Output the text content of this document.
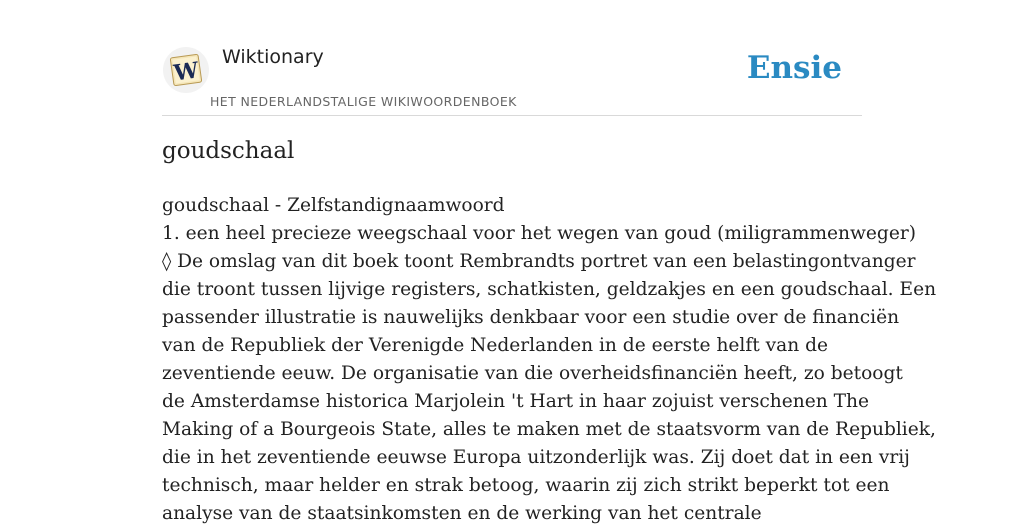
W
Wiktionary
HET NEDERLANDSTALIGE WIKIWOORDENBOEK
Ensie
goudschaal
goudschaal - Zelfstandignaamwoord
1. een heel precieze weegschaal voor het wegen van goud (miligrammenweger)
◊ De omslag van dit boek toont Rembrandts portret van een belastingontvanger
die troont tussen lijvige registers, schatkisten, geldzakjes en een goudschaal. Een
passender illustratie is nauwelijks denkbaar voor een studie over de financiën
van de Republiek der Verenigde Nederlanden in de eerste helft van de
zeventiende eeuw. De organisatie van die overheidsfinanciën heeft, zo betoogt
de Amsterdamse historica Marjolein 't Hart in haar zojuist verschenen The
Making of a Bourgeois State, alles te maken met de staatsvorm van de Republiek,
die in het zeventiende eeuwse Europa uitzonderlijk was. Zij doet dat in een vrij
technisch, maar helder en strak betoog, waarin zij zich strikt beperkt tot een
analyse van de staatsinkomsten en de werking van het centrale
